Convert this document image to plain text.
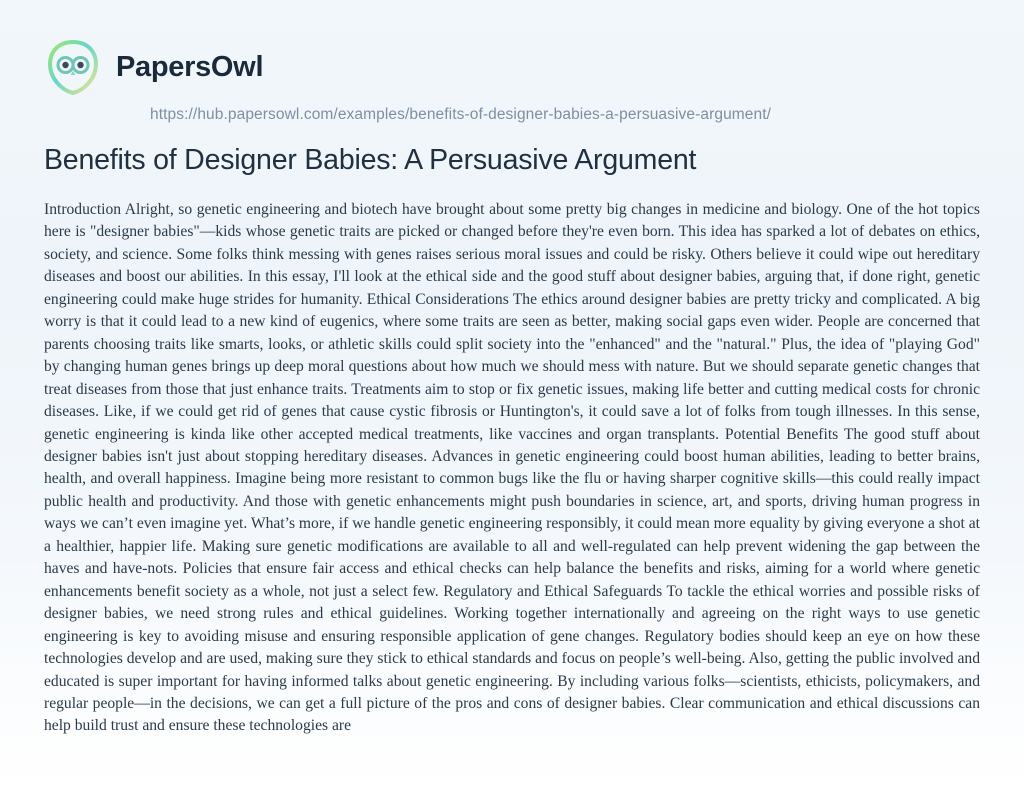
PapersOwl
https://hub.papersowl.com/examples/benefits-of-designer-babies-a-persuasive-argument/
Benefits of Designer Babies: A Persuasive Argument

Introduction Alright, so genetic engineering and biotech have brought about some pretty big changes in medicine and biology. One of the hot topics here is "designer babies"—kids whose genetic traits are picked or changed before they're even born. This idea has sparked a lot of debates on ethics, society, and science. Some folks think messing with genes raises serious moral issues and could be risky. Others believe it could wipe out hereditary diseases and boost our abilities. In this essay, I'll look at the ethical side and the good stuff about designer babies, arguing that, if done right, genetic engineering could make huge strides for humanity. Ethical Considerations The ethics around designer babies are pretty tricky and complicated. A big worry is that it could lead to a new kind of eugenics, where some traits are seen as better, making social gaps even wider. People are concerned that parents choosing traits like smarts, looks, or athletic skills could split society into the "enhanced" and the "natural." Plus, the idea of "playing God" by changing human genes brings up deep moral questions about how much we should mess with nature. But we should separate genetic changes that treat diseases from those that just enhance traits. Treatments aim to stop or fix genetic issues, making life better and cutting medical costs for chronic diseases. Like, if we could get rid of genes that cause cystic fibrosis or Huntington's, it could save a lot of folks from tough illnesses. In this sense, genetic engineering is kinda like other accepted medical treatments, like vaccines and organ transplants. Potential Benefits The good stuff about designer babies isn't just about stopping hereditary diseases. Advances in genetic engineering could boost human abilities, leading to better brains, health, and overall happiness. Imagine being more resistant to common bugs like the flu or having sharper cognitive skills—this could really impact public health and productivity. And those with genetic enhancements might push boundaries in science, art, and sports, driving human progress in ways we can’t even imagine yet. What’s more, if we handle genetic engineering responsibly, it could mean more equality by giving everyone a shot at a healthier, happier life. Making sure genetic modifications are available to all and well-regulated can help prevent widening the gap between the haves and have-nots. Policies that ensure fair access and ethical checks can help balance the benefits and risks, aiming for a world where genetic enhancements benefit society as a whole, not just a select few. Regulatory and Ethical Safeguards To tackle the ethical worries and possible risks of designer babies, we need strong rules and ethical guidelines. Working together internationally and agreeing on the right ways to use genetic engineering is key to avoiding misuse and ensuring responsible application of gene changes. Regulatory bodies should keep an eye on how these technologies develop and are used, making sure they stick to ethical standards and focus on people’s well-being. Also, getting the public involved and educated is super important for having informed talks about genetic engineering. By including various folks—scientists, ethicists, policymakers, and regular people—in the decisions, we can get a full picture of the pros and cons of designer babies. Clear communication and ethical discussions can help build trust and ensure these technologies are
